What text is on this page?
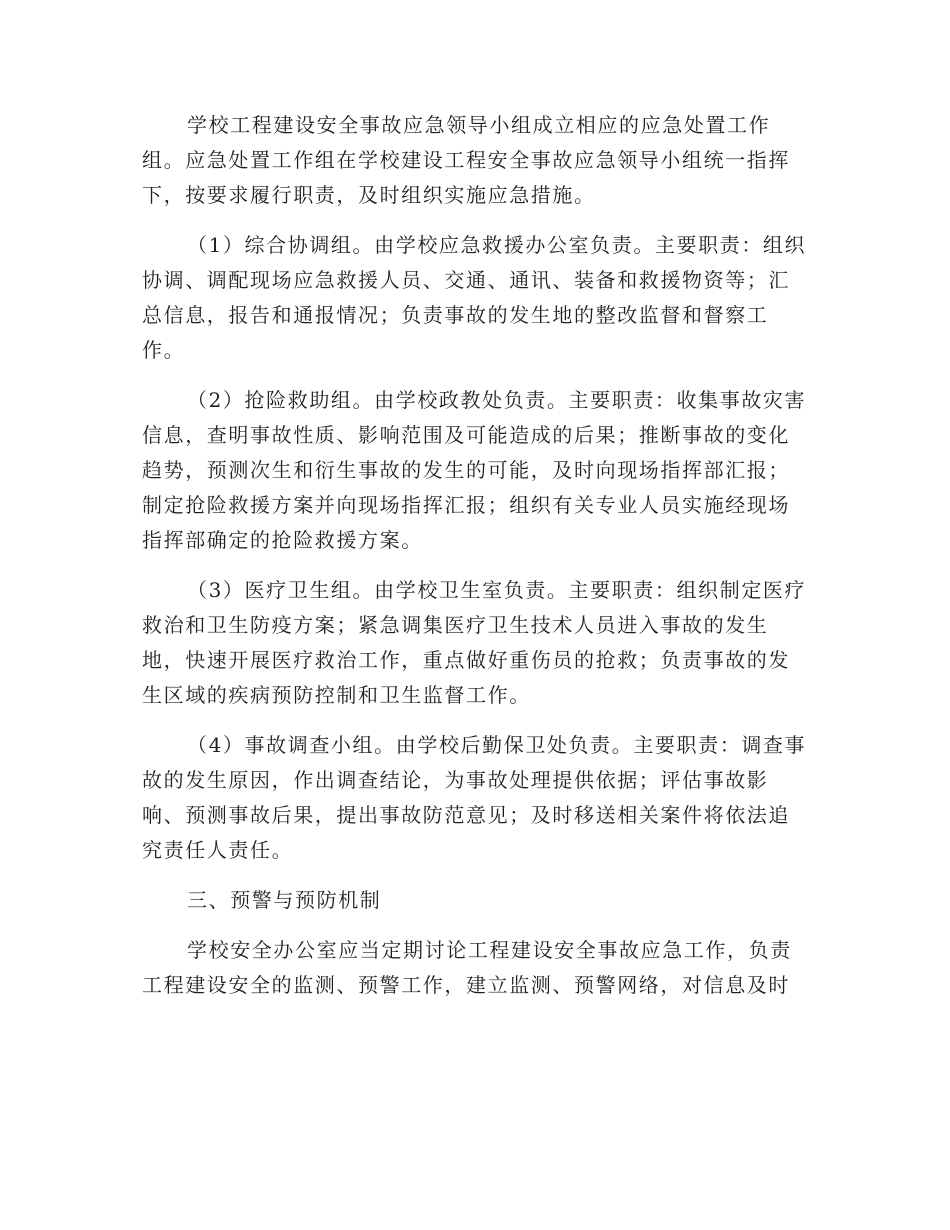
学校工程建设安全事故应急领导小组成立相应的应急处置工作
组。应急处置工作组在学校建设工程安全事故应急领导小组统一指挥
下，按要求履行职责，及时组织实施应急措施。
（1）综合协调组。由学校应急救援办公室负责。主要职责：组织
协调、调配现场应急救援人员、交通、通讯、装备和救援物资等；汇
总信息，报告和通报情况；负责事故的发生地的整改监督和督察工
作。
（2）抢险救助组。由学校政教处负责。主要职责：收集事故灾害
信息，查明事故性质、影响范围及可能造成的后果；推断事故的变化
趋势，预测次生和衍生事故的发生的可能，及时向现场指挥部汇报；
制定抢险救援方案并向现场指挥汇报；组织有关专业人员实施经现场
指挥部确定的抢险救援方案。
（3）医疗卫生组。由学校卫生室负责。主要职责：组织制定医疗
救治和卫生防疫方案；紧急调集医疗卫生技术人员进入事故的发生
地，快速开展医疗救治工作，重点做好重伤员的抢救；负责事故的发
生区域的疾病预防控制和卫生监督工作。
（4）事故调查小组。由学校后勤保卫处负责。主要职责：调查事
故的发生原因，作出调查结论，为事故处理提供依据；评估事故影
响、预测事故后果，提出事故防范意见；及时移送相关案件将依法追
究责任人责任。
三、预警与预防机制
学校安全办公室应当定期讨论工程建设安全事故应急工作，负责
工程建设安全的监测、预警工作，建立监测、预警网络，对信息及时
